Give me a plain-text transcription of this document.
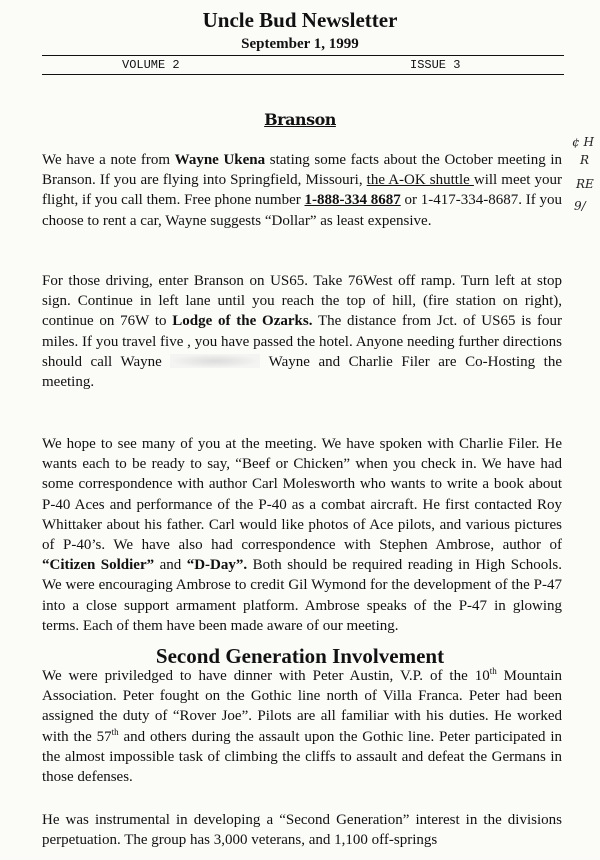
Uncle Bud Newsletter
September 1, 1999
VOLUME 2	ISSUE 3
Branson
¢ H
R
RE
9/

We have a note from Wayne Ukena stating some facts about the October meeting in Branson. If you are flying into Springfield, Missouri, the A-OK shuttle will meet your flight, if you call them. Free phone number 1-888-334 8687 or 1-417-334-8687. If you choose to rent a car, Wayne suggests “Dollar” as least expensive.

For those driving, enter Branson on US65. Take 76West off ramp. Turn left at stop sign. Continue in left lane until you reach the top of hill, (fire station on right), continue on 76W to Lodge of the Ozarks. The distance from Jct. of US65 is four miles. If you travel five , you have passed the hotel. Anyone needing further directions should call Wayne	Wayne and Charlie Filer are Co-Hosting the meeting.

We hope to see many of you at the meeting. We have spoken with Charlie Filer. He wants each to be ready to say, “Beef or Chicken” when you check in. We have had some correspondence with author Carl Molesworth who wants to write a book about P-40 Aces and performance of the P-40 as a combat aircraft. He first contacted Roy Whittaker about his father. Carl would like photos of Ace pilots, and various pictures of P-40’s. We have also had correspondence with Stephen Ambrose, author of “Citizen Soldier” and “D-Day”. Both should be required reading in High Schools. We were encouraging Ambrose to credit Gil Wymond for the development of the P-47 into a close support armament platform. Ambrose speaks of the P-47 in glowing terms. Each of them have been made aware of our meeting.

Second Generation Involvement

We were priviledged to have dinner with Peter Austin, V.P. of the 10th Mountain Association. Peter fought on the Gothic line north of Villa Franca. Peter had been assigned the duty of “Rover Joe”. Pilots are all familiar with his duties. He worked with the 57th and others during the assault upon the Gothic line. Peter participated in the almost impossible task of climbing the cliffs to assault and defeat the Germans in those defenses.

He was instrumental in developing a “Second Generation” interest in the divisions perpetuation. The group has 3,000 veterans, and 1,100 off-springs
